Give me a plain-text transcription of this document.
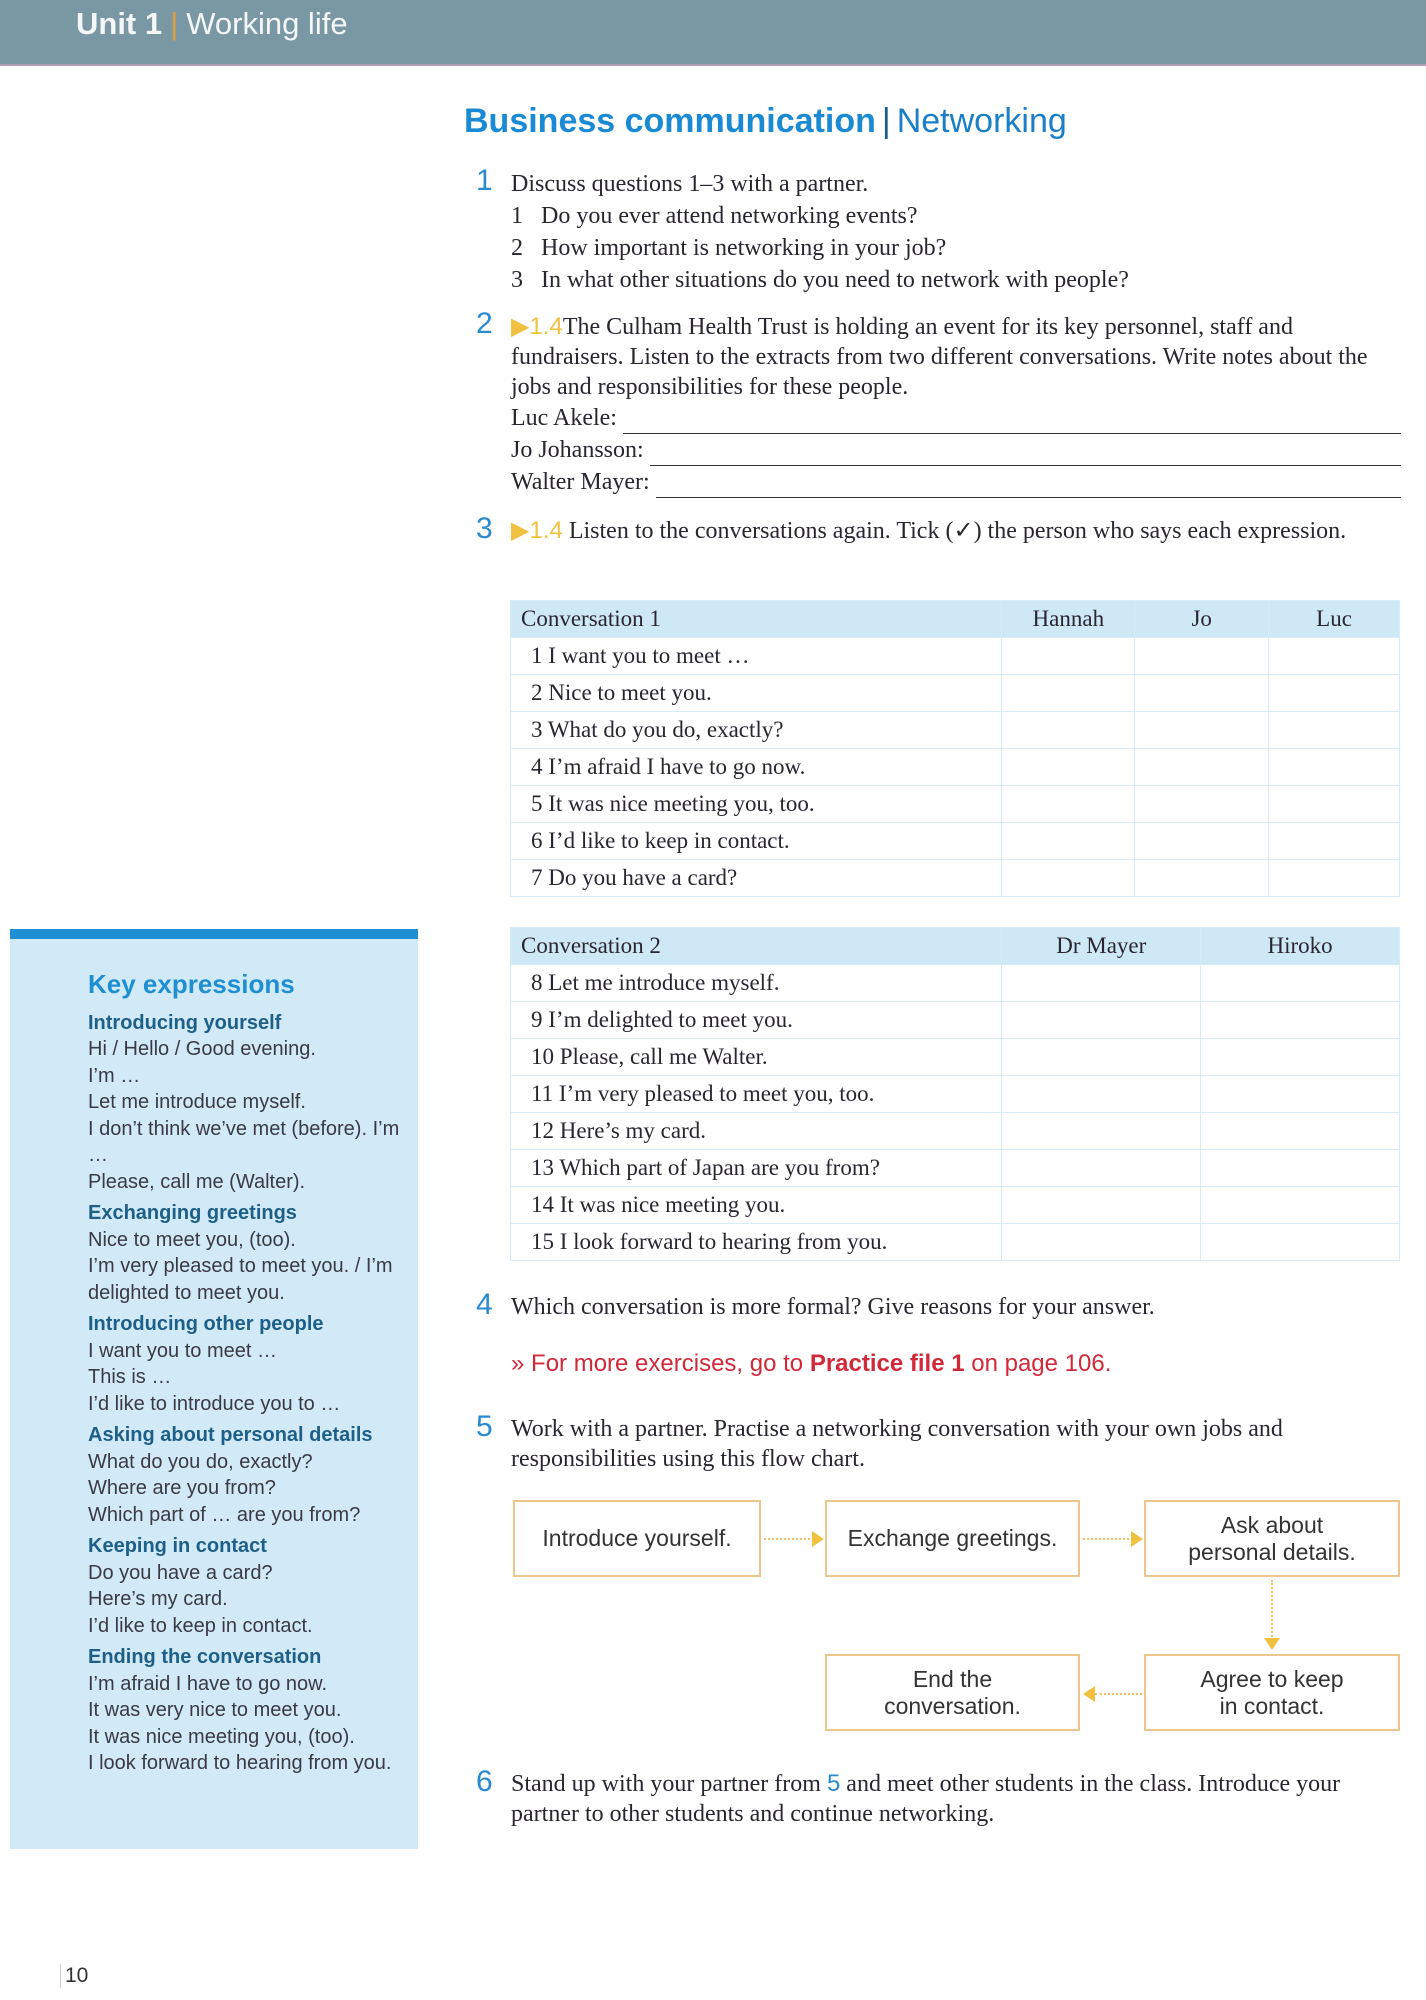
Unit 1 | Working life
Business communication | Networking
1 Discuss questions 1–3 with a partner.
1 Do you ever attend networking events?
2 How important is networking in your job?
3 In what other situations do you need to network with people?
2 ▶1.4The Culham Health Trust is holding an event for its key personnel, staff and fundraisers. Listen to the extracts from two different conversations. Write notes about the jobs and responsibilities for these people.
Luc Akele:
Jo Johansson:
Walter Mayer:
3 ▶1.4 Listen to the conversations again. Tick (✓) the person who says each expression.
Conversation 1	Hannah	Jo	Luc
1 I want you to meet …			
2 Nice to meet you.			
3 What do you do, exactly?			
4 I’m afraid I have to go now.			
5 It was nice meeting you, too.			
6 I’d like to keep in contact.			
7 Do you have a card?			
Conversation 2	Dr Mayer	Hiroko
8 Let me introduce myself.		
9 I’m delighted to meet you.		
10 Please, call me Walter.		
11 I’m very pleased to meet you, too.		
12 Here’s my card.		
13 Which part of Japan are you from?		
14 It was nice meeting you.		
15 I look forward to hearing from you.		
4 Which conversation is more formal? Give reasons for your answer.
» For more exercises, go to Practice file 1 on page 106.
5 Work with a partner. Practise a networking conversation with your own jobs and responsibilities using this flow chart.
Introduce yourself.	Exchange greetings.
Ask about personal details.
Agree to keep in contact.
End the conversation.
6 Stand up with your partner from 5 and meet other students in the class. Introduce your partner to other students and continue networking.
Key expressions
Introducing yourself
Hi / Hello / Good evening.
I’m …
Let me introduce myself.
I don’t think we’ve met (before). I’m …
Please, call me (Walter).
Exchanging greetings
Nice to meet you, (too).
I’m very pleased to meet you. / I’m delighted to meet you.
Introducing other people
I want you to meet …
This is …
I’d like to introduce you to …
Asking about personal details
What do you do, exactly?
Where are you from?
Which part of … are you from?
Keeping in contact
Do you have a card?
Here’s my card.
I’d like to keep in contact.
Ending the conversation
I’m afraid I have to go now.
It was very nice to meet you.
It was nice meeting you, (too).
I look forward to hearing from you.
10
